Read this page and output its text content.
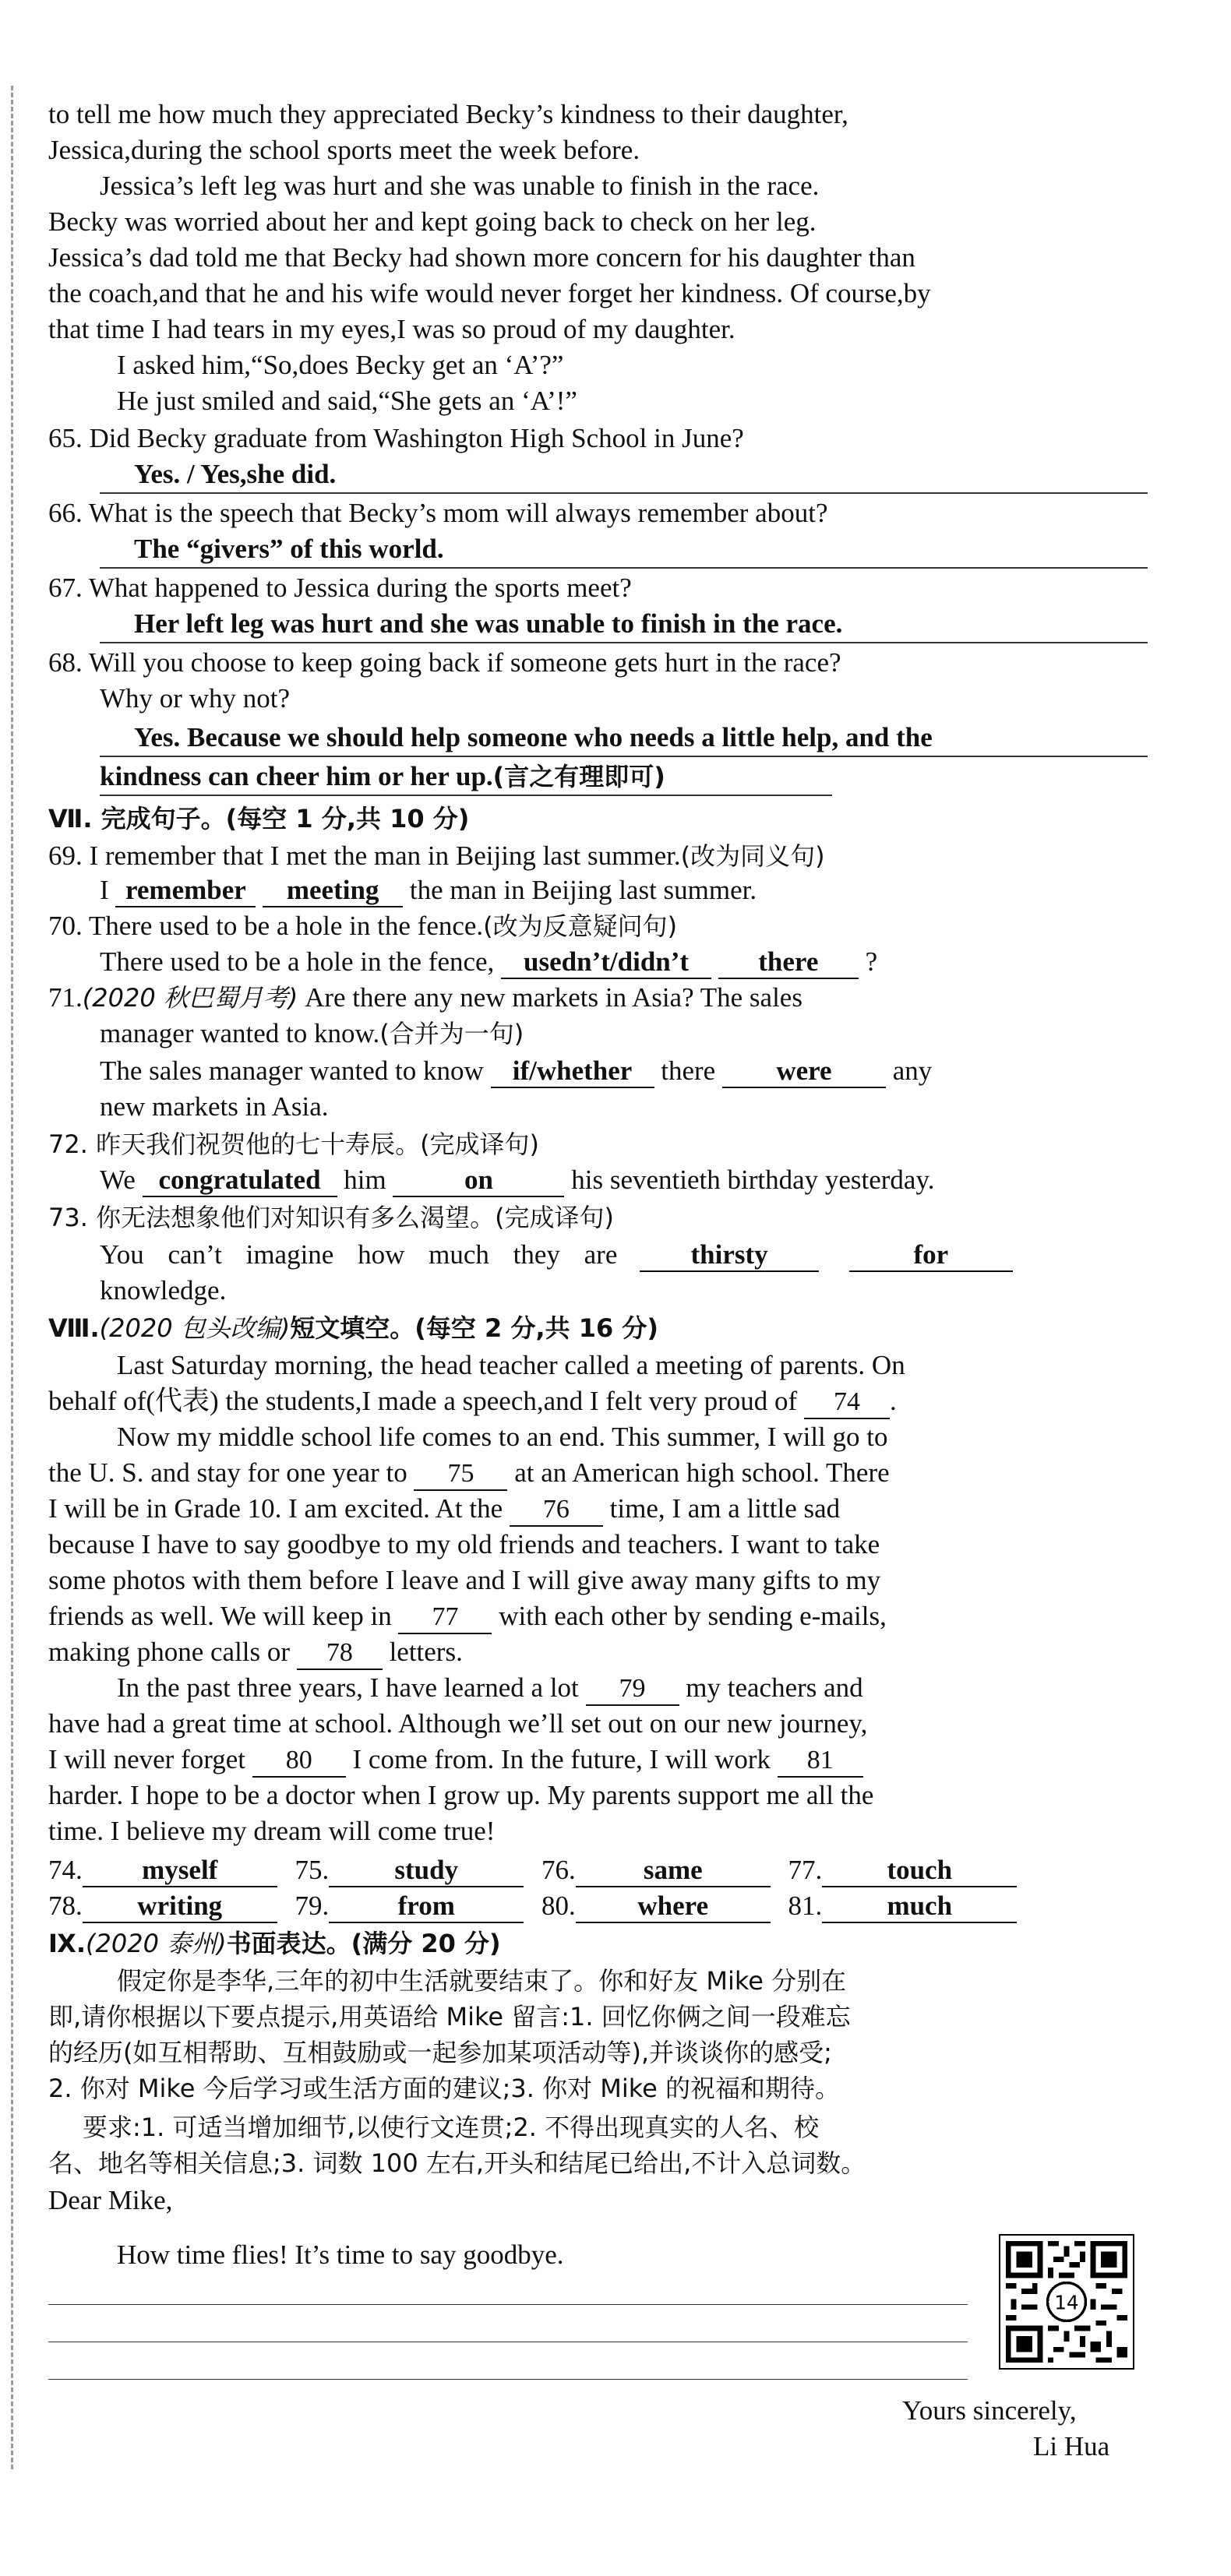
to tell me how much they appreciated Becky’s kindness to their daughter,
Jessica,during the school sports meet the week before.
Jessica’s left leg was hurt and she was unable to finish in the race.
Becky was worried about her and kept going back to check on her leg.
Jessica’s dad told me that Becky had shown more concern for his daughter than
the coach,and that he and his wife would never forget her kindness. Of course,by
that time I had tears in my eyes,I was so proud of my daughter.
I asked him,“So,does Becky get an ‘A’?”
He just smiled and said,“She gets an ‘A’!”
65. Did Becky graduate from Washington High School in June?
Yes. / Yes,she did.
66. What is the speech that Becky’s mom will always remember about?
The “givers” of this world.
67. What happened to Jessica during the sports meet?
Her left leg was hurt and she was unable to finish in the race.
68. Will you choose to keep going back if someone gets hurt in the race?
Why or why not?
Yes. Because we should help someone who needs a little help, and the
kindness can cheer him or her up.(言之有理即可)
Ⅶ. 完成句子。(每空 1 分,共 10 分)
69. I remember that I met the man in Beijing last summer.(改为同义句)
I remember meeting the man in Beijing last summer.
70. There used to be a hole in the fence.(改为反意疑问句)
There used to be a hole in the fence, usedn’t/didn’t	there ?
71.(2020 秋巴蜀月考) Are there any new markets in Asia? The sales
manager wanted to know.(合并为一句)
The sales manager wanted to know if/whether there were any
new markets in Asia.
72. 昨天我们祝贺他的七十寿辰。(完成译句)
We congratulated him	on	his seventieth birthday yesterday.
73. 你无法想象他们对知识有多么渴望。(完成译句)
You can’t imagine how much they are	thirsty	for
knowledge.
Ⅷ.(2020 包头改编)短文填空。(每空 2 分,共 16 分)
Last Saturday morning, the head teacher called a meeting of parents. On
behalf of(代表) the students,I made a speech,and I felt very proud of 74 .
Now my middle school life comes to an end. This summer, I will go to
the U. S. and stay for one year to 75 at an American high school. There
I will be in Grade 10. I am excited. At the 76 time, I am a little sad
because I have to say goodbye to my old friends and teachers. I want to take
some photos with them before I leave and I will give away many gifts to my
friends as well. We will keep in 77 with each other by sending e-mails,
making phone calls or 78 letters.
In the past three years, I have learned a lot 79 my teachers and
have had a great time at school. Although we’ll set out on our new journey,
I will never forget 80 I come from. In the future, I will work 81
harder. I hope to be a doctor when I grow up. My parents support me all the
time. I believe my dream will come true!
74. myself	75. study	76. same	77. touch
78. writing	79.	from	80. where	81. much
Ⅸ.(2020 泰州)书面表达。(满分 20 分)
假定你是李华,三年的初中生活就要结束了。你和好友 Mike 分别在
即,请你根据以下要点提示,用英语给 Mike 留言:1. 回忆你俩之间一段难忘
的经历(如互相帮助、互相鼓励或一起参加某项活动等),并谈谈你的感受;
2. 你对 Mike 今后学习或生活方面的建议;3. 你对 Mike 的祝福和期待。
要求:1. 可适当增加细节,以使行文连贯;2. 不得出现真实的人名、校
名、地名等相关信息;3. 词数 100 左右,开头和结尾已给出,不计入总词数。
Dear Mike,
How time flies! It’s time to say goodbye.
14
Yours sincerely,
Li Hua
